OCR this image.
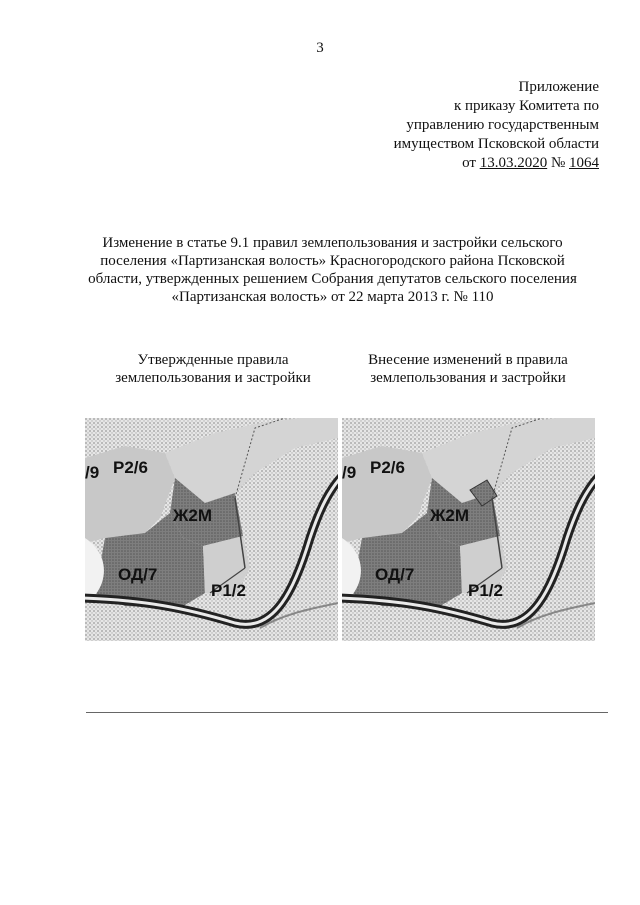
3
Приложение
к приказу Комитета по
управлению государственным
имуществом Псковской области
от 13.03.2020 № 1064
Изменение в статье 9.1 правил землепользования и застройки сельского
поселения «Партизанская волость» Красногородского района Псковской
области, утвержденных решением Собрания депутатов сельского поселения
«Партизанская волость» от 22 марта 2013 г. № 110
Утвержденные правила
землепользования и застройки
Внесение изменений в правила
землепользования и застройки
Р2/6
/9
Ж2М
ОД/7
Р1/2
Р2/6
/9
Ж2М
ОД/7
Р1/2
